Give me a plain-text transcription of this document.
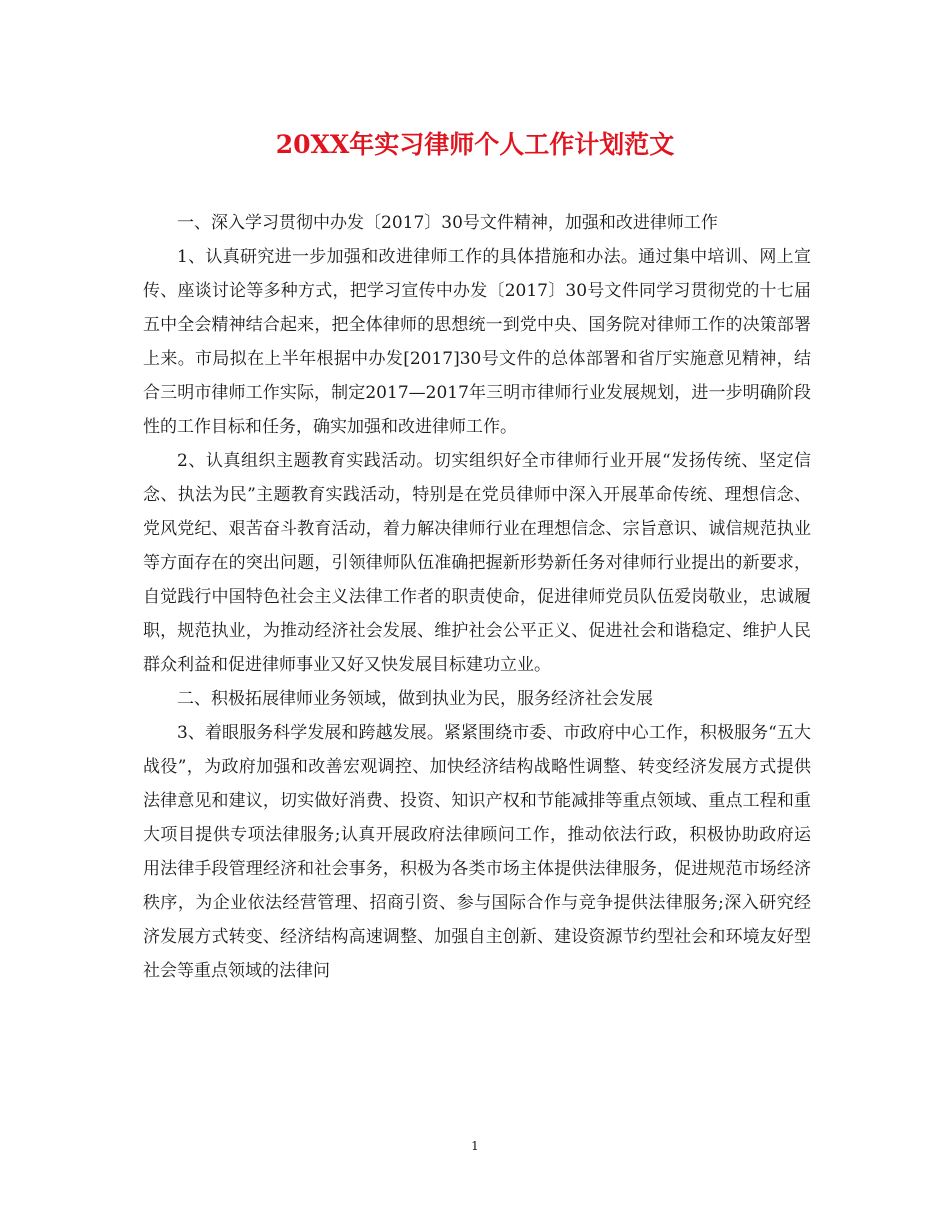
20XX年实习律师个人工作计划范文

一、深入学习贯彻中办发〔2017〕30号文件精神，加强和改进律师工作

1、认真研究进一步加强和改进律师工作的具体措施和办法。通过集中培训、网上宣传、座谈讨论等多种方式，把学习宣传中办发〔2017〕30号文件同学习贯彻党的十七届五中全会精神结合起来，把全体律师的思想统一到党中央、国务院对律师工作的决策部署上来。市局拟在上半年根据中办发[2017]30号文件的总体部署和省厅实施意见精神，结合三明市律师工作实际，制定2017—2017年三明市律师行业发展规划，进一步明确阶段性的工作目标和任务，确实加强和改进律师工作。

2、认真组织主题教育实践活动。切实组织好全市律师行业开展“发扬传统、坚定信念、执法为民”主题教育实践活动，特别是在党员律师中深入开展革命传统、理想信念、党风党纪、艰苦奋斗教育活动，着力解决律师行业在理想信念、宗旨意识、诚信规范执业等方面存在的突出问题，引领律师队伍准确把握新形势新任务对律师行业提出的新要求，自觉践行中国特色社会主义法律工作者的职责使命，促进律师党员队伍爱岗敬业，忠诚履职，规范执业，为推动经济社会发展、维护社会公平正义、促进社会和谐稳定、维护人民群众利益和促进律师事业又好又快发展目标建功立业。

二、积极拓展律师业务领域，做到执业为民，服务经济社会发展

3、着眼服务科学发展和跨越发展。紧紧围绕市委、市政府中心工作，积极服务“五大战役”，为政府加强和改善宏观调控、加快经济结构战略性调整、转变经济发展方式提供法律意见和建议，切实做好消费、投资、知识产权和节能减排等重点领域、重点工程和重大项目提供专项法律服务;认真开展政府法律顾问工作，推动依法行政，积极协助政府运用法律手段管理经济和社会事务，积极为各类市场主体提供法律服务，促进规范市场经济秩序，为企业依法经营管理、招商引资、参与国际合作与竞争提供法律服务;深入研究经济发展方式转变、经济结构高速调整、加强自主创新、建设资源节约型社会和环境友好型社会等重点领域的法律问

1
